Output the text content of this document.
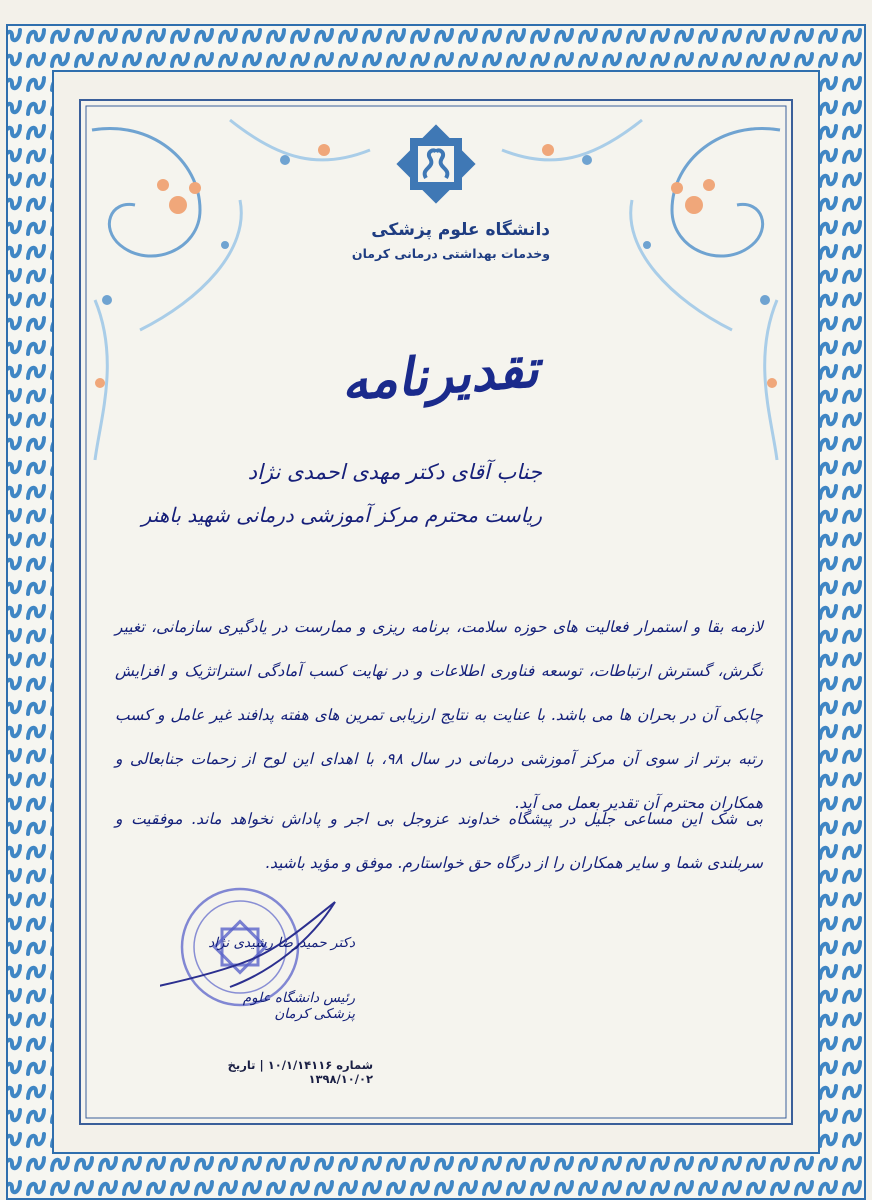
دانشگاه علوم پزشکی
وخدمات بهداشتی درمانی کرمان
تقدیرنامه
جناب آقای دکتر مهدی احمدی نژاد
ریاست محترم مرکز آموزشی درمانی شهید باهنر
لازمه بقا و استمرار فعالیت های حوزه سلامت، برنامه ریزی و ممارست در یادگیری سازمانی، تغییر نگرش، گسترش ارتباطات، توسعه فناوری اطلاعات و در نهایت کسب آمادگی استراتژیک و افزایش چابکی آن در بحران ها می باشد. با عنایت به نتایج ارزیابی تمرین های هفته پدافند غیر عامل و کسب رتبه برتر از سوی آن مرکز آموزشی درمانی در سال ۹۸، با اهدای این لوح از زحمات جنابعالی و همکاران محترم آن تقدیر بعمل می آید.
بی شک این مساعی جلیل در پیشگاه خداوند عزوجل بی اجر و پاداش نخواهد ماند. موفقیت و سربلندی شما و سایر همکاران را از درگاه حق خواستارم. موفق و مؤید باشید.
دکتر حمیدرضا رشیدی نژاد
رئیس دانشگاه علوم پزشکی کرمان
شماره ۱۰/۱/۱۴۱۱۶ | تاریخ ۱۳۹۸/۱۰/۰۲
